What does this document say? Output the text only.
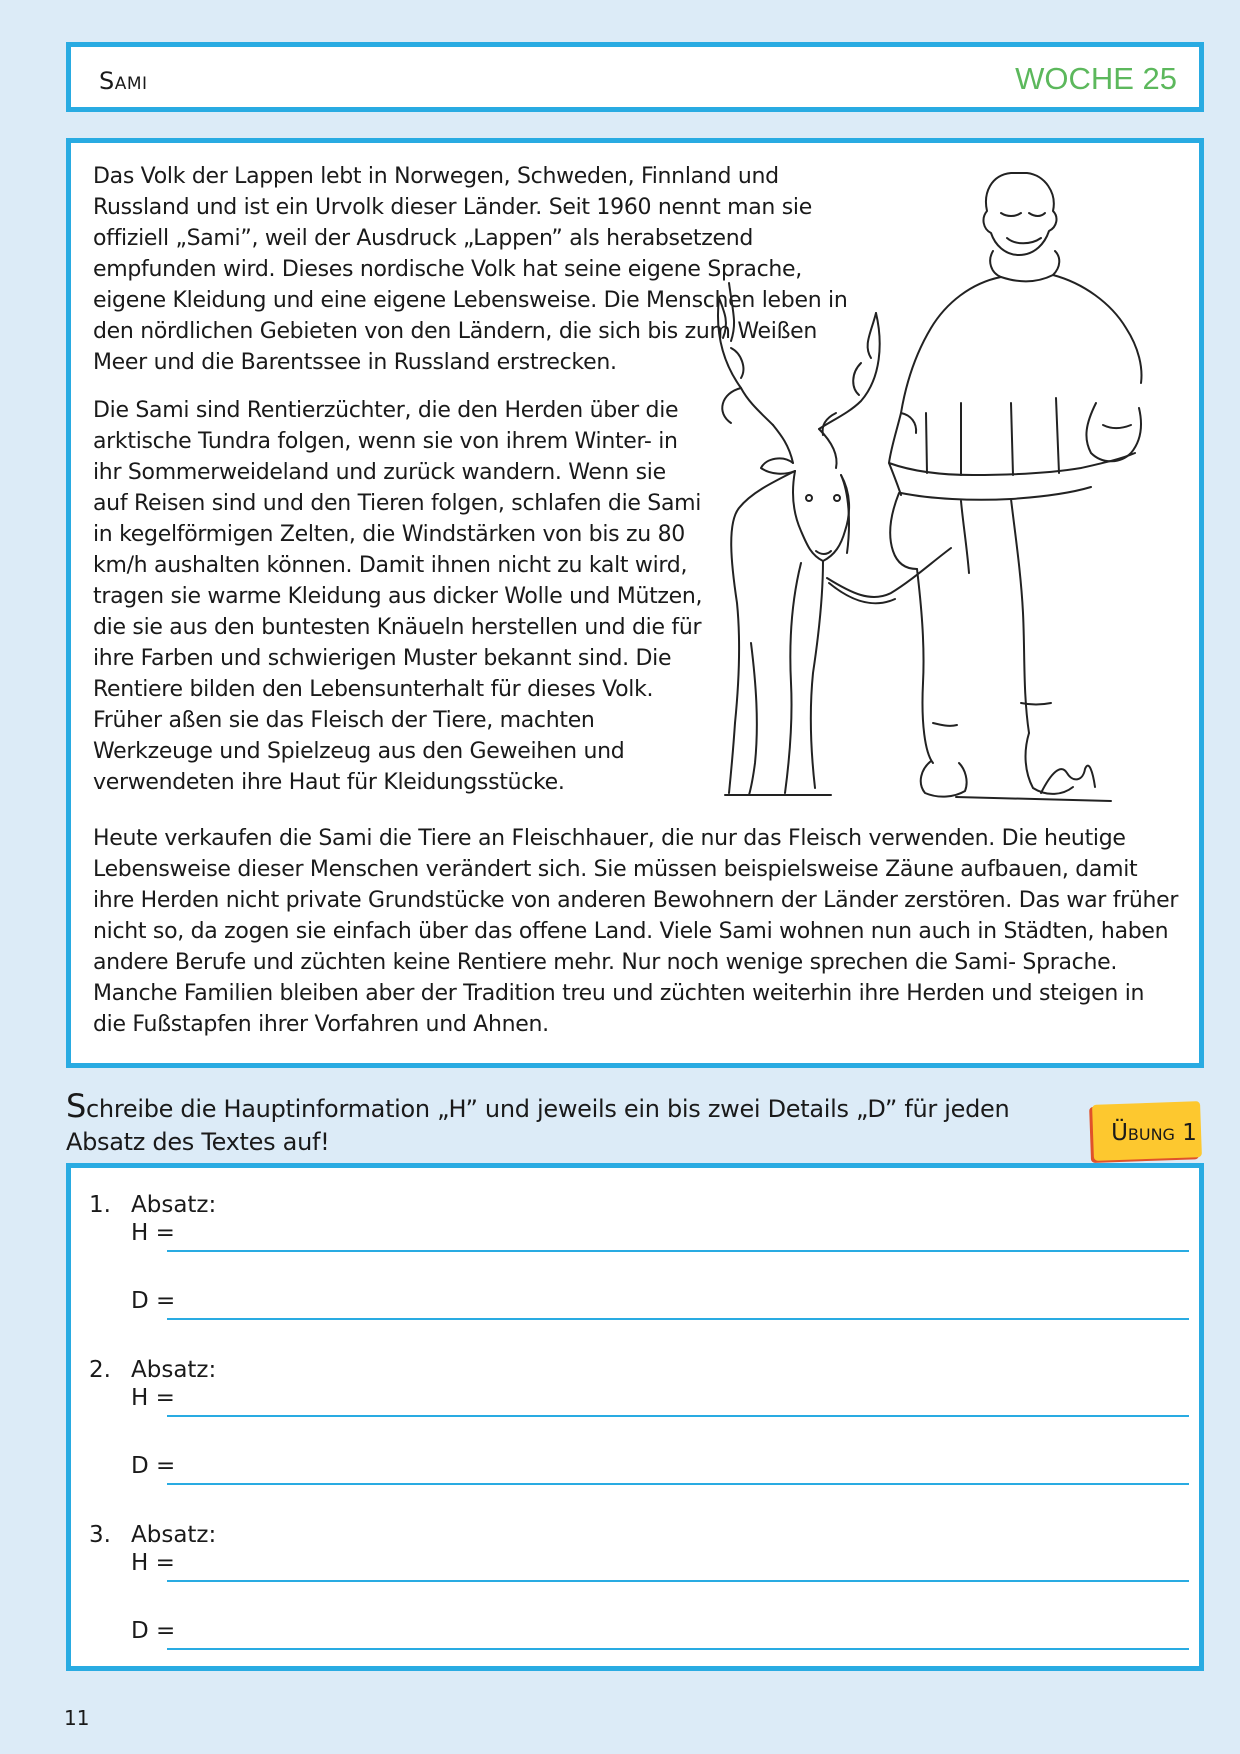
Sami	WOCHE 25

Das Volk der Lappen lebt in Norwegen, Schweden, Finnland und Russland und ist ein Urvolk dieser Länder. Seit 1960 nennt man sie offiziell „Sami”, weil der Ausdruck „Lappen” als herabsetzend empfunden wird. Dieses nordische Volk hat seine eigene Sprache, eigene Kleidung und eine eigene Lebensweise. Die Menschen leben in den nördlichen Gebieten von den Ländern, die sich bis zum Weißen Meer und die Barentssee in Russland erstrecken.

Die Sami sind Rentierzüchter, die den Herden über die arktische Tundra folgen, wenn sie von ihrem Winter- in ihr Sommerweideland und zurück wandern. Wenn sie auf Reisen sind und den Tieren folgen, schlafen die Sami in kegelförmigen Zelten, die Windstärken von bis zu 80 km/h aushalten können. Damit ihnen nicht zu kalt wird, tragen sie warme Kleidung aus dicker Wolle und Mützen, die sie aus den buntesten Knäueln herstellen und die für ihre Farben und schwierigen Muster bekannt sind. Die Rentiere bilden den Lebensunterhalt für dieses Volk. Früher aßen sie das Fleisch der Tiere, machten Werkzeuge und Spielzeug aus den Geweihen und verwendeten ihre Haut für Kleidungsstücke.

Heute verkaufen die Sami die Tiere an Fleischhauer, die nur das Fleisch verwenden. Die heutige Lebensweise dieser Menschen verändert sich. Sie müssen beispielsweise Zäune aufbauen, damit ihre Herden nicht private Grundstücke von anderen Bewohnern der Länder zerstören. Das war früher nicht so, da zogen sie einfach über das offene Land. Viele Sami wohnen nun auch in Städten, haben andere Berufe und züchten keine Rentiere mehr. Nur noch wenige sprechen die Sami- Sprache. Manche Familien bleiben aber der Tradition treu und züchten weiterhin ihre Herden und steigen in die Fußstapfen ihrer Vorfahren und Ahnen.

Schreibe die Hauptinformation „H” und jeweils ein bis zwei Details „D” für jeden Absatz des Textes auf!	Übung 1
1. Absatz:
H =
D =
2. Absatz:
H =
D =
3. Absatz:
H =
D =
11
